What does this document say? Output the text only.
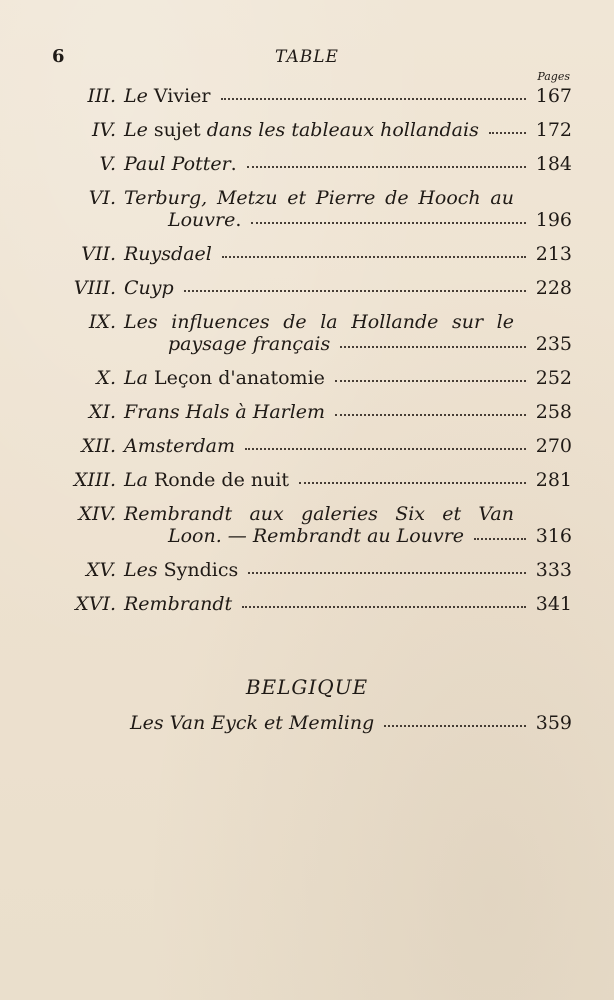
6	TABLE
Pages
III. Le Vivier	167
IV. Le sujet dans les tableaux hollandais	172
V. Paul Potter.	184
VI. Terburg, Metzu et Pierre de Hooch au
Louvre.	196
VII. Ruysdael	213
VIII. Cuyp	228
IX. Les influences de la Hollande sur le
paysage français	235
X. La Leçon d'anatomie	252
XI. Frans Hals à Harlem	258
XII. Amsterdam	270
XIII. La Ronde de nuit	281
XIV. Rembrandt aux galeries Six et Van
Loon. — Rembrandt au Louvre	316
XV. Les Syndics	333
XVI. Rembrandt	341
BELGIQUE
Les Van Eyck et Memling	359
